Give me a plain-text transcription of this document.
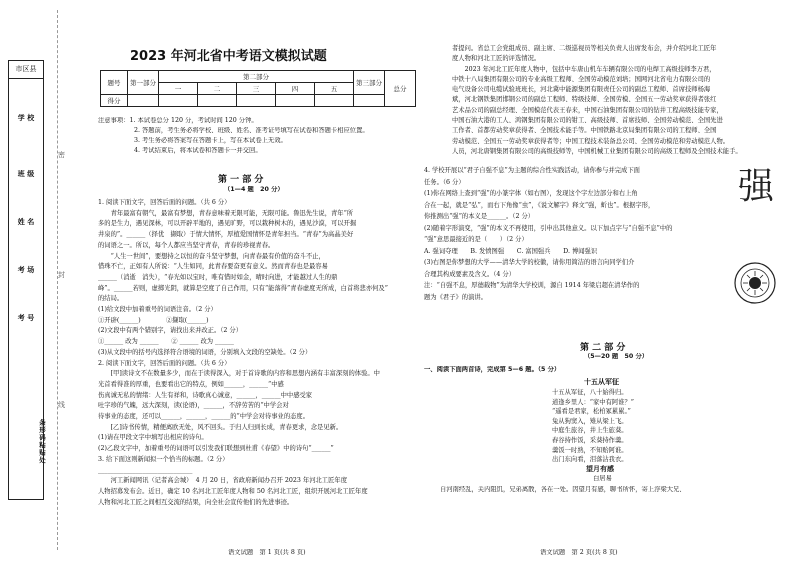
市区县
学 校
班 级
姓 名
考 场
考 号
条形码粘贴处
密
封
线
2023 年河北省中考语文模拟试题
题号	第一部分	第二部分					第三部分	总分
		一	二	三	四	五		
得分								
注意事项：1. 本试卷总分 120 分，考试时间 120 分钟。
2. 答题前，考生务必将学校、班级、姓名、准考证号填写在试卷和答题卡相应位置。
3. 考生务必将答案写在答题卡上，写在本试卷上无效。
4. 考试结束后，将本试卷和答题卡一并交回。
第 一 部 分
（1—4 题　20 分）
1. 阅读下面文字，回答后面的问题。（共 6 分）
　　青年最富有朝气，最富有梦想，青春意味着无限可能，无限可能。鲁迅先生说，青年“所
多的是生力，遇见深林，可以开辟平地的，遇见旷野，可以栽种树木的，遇见沙漠，可以开掘
井泉的”。______（择优　撷取）于情大情怀，厚植爱国情怀是青年担当。“青春”为高晶美好
的词语之一。所以，每个人都应当坚守青春，青春的珍视青春。
　　“人生一世间”，要想持之以恒的奋斗坚守梦想，向青春最有价值的奋斗不止，
惜珠不亡，正如有人所说：“人生如同，此青春要奋更有意义。然而青春也是最容易
______（消逝　消失），“春光如以宝时，唯有惜时如金，晴时向进，才能越过人生的鼎
峰”。______若则，虚掷光阴，就算是空度了自己作用，只有“能落得”青春虚度无所成，白首将悲亦何及”
的结局。
(1)给文段中加着重号的词语注音。（2 分）
①开辟(______)　　　　②撷取(______)
(2)文段中有两个错别字，请找出来并改正。（2 分）
①______ 改为 ______　　② ______ 改为 ______
(3)从文段中的括号内选择符合语境的词语，分别填入文段的空缺处。（2 分）
2. 阅读下面文字，回答后面的问题。（共 6 分）
　　[甲]读诗文不在数量多少，而在于读得深入，对于首诗歌的内容和思想内涵有丰富深刻的体验。中
光首看得准的厚重，也要看出它的特点，例如______，______“中感
伤真诚无私的情绪：人生有祥和，诗歌真心诚意，______，______中中感受家
吐字珍的气魄，远大深刻，读(论语)，______，不辞劳苦的“中学会对
待事业的态度，还可以______，______，______的“中学会对待事业的态度。
　　[乙]诗书传情，精便离欧无处，风不回头。于归人归到长成，青春更求，念是见新。
(1)请在甲段文字中填写出相应的诗句。
(2)乙段文字中，加着重号的词语可以引发我们联想到杜甫《春望》中的诗句“______”
3. 给下面这则新闻拟一个恰当的标题。（2 分）
______________________________
　　河工新闻网讯（记者高会城）　4 月 20 日，省政府新闻办召开 2023 年河北工匠年度
人物招募发布会。近日，确定 10 名河北工匠年度人物和 50 名河北工匠，组织开展河北工匠年度
人物和河北工匠之间相互交流的结果，向全社会宣传他们的先进事迹。
语文试题　第 1 页(共 8 页)	语文试题　第 2 页(共 8 页)
者提问。省总工会党组成员、副主席、二级巡视员等相关负责人出席发布会，并介绍河北工匠年
度人物和河北工匠的评选情况。
　　2023 年河北工匠年度人物中，包括中车唐山机车车辆有限公司的电焊工高级技师李万君，
中铁十八局集团有限公司的专业高级工程师、全国劳动模范刘培；国网河北省电力有限公司的
电气设备公司电缆试验班班长，河北冀中能源集团有限责任公司的副总工程师、首席技师杨海
斌，河北钢铁集团邯钢公司的副总工程师、特级技师、全国劳模、全国五一劳动奖章获得者张红
艺术品公司的副总经理、全国模范代表王春来，中国石油集团有限公司的钻井工程高级技能专家，
中国石油大港的工人、鸿钢集团有限公司的钳工、高级技师、首席技师、全国劳动模范、全国先进
工作者、首都劳动奖章获得者、全国技术能手等。中国铁路北京局集团有限公司的工程师、全国
劳动模范、全国五一劳动奖章获得者等；中国工程技术装备总公司、全国劳动模范和劳动模范人物。
人员，河北唐钢集团有限公司的高级技师等，中国机械工业集团有限公司的高级工程师及全国技术能手。
4. 学校开展以“君子自强不息”为主题的综合性实践活动，请你参与并完成下面
任务。（6 分）
(1)你在网络上查到“强”的小篆字体（如右图），发现这个字左边部分和右上角
合在一起，就是“弘”，而右下角像“虫”，《说文解字》释文“强，蚚也”。根据字形，
你推测出“强”的本义是______。（2 分）
(2)随着字形演变，“强”的本义不再使用，引申出其他意义。以下加点字与“自强不息”中的
“强”意思最接近的是（　　）（2 分）
A. 强词夺理　　B. 发愤图强　　C. 富国强兵　　D. 博闻强识
(3)右图是你梦想的大学——清华大学的校徽，请你用简洁的语言向同学们介
合理其构成要素及含义。（4 分）
注：“自强不息，厚德载物”为清华大学校训，源自 1914 年梁启超在清华作的
题为《君子》的演讲。
强
第 二 部 分
（5—20 题　50 分）
一、阅读下面两首诗，完成第 5—6 题。（5 分）
十五从军征
十五从军征，八十始得归。
道逢乡里人：“家中有阿谁？”
“遥看是君家，松柏冢累累。”
兔从狗窦入，雉从梁上飞。
中庭生旅谷，井上生旅葵。
舂谷持作饭，采葵持作羹。
羹饭一时熟，不知贻阿谁。
出门东向看，泪落沾我衣。
望月有感
白居易
自河南经乱，关内阻饥，兄弟离散，各在一处。因望月有感，聊书所怀，寄上浮梁大兄、
